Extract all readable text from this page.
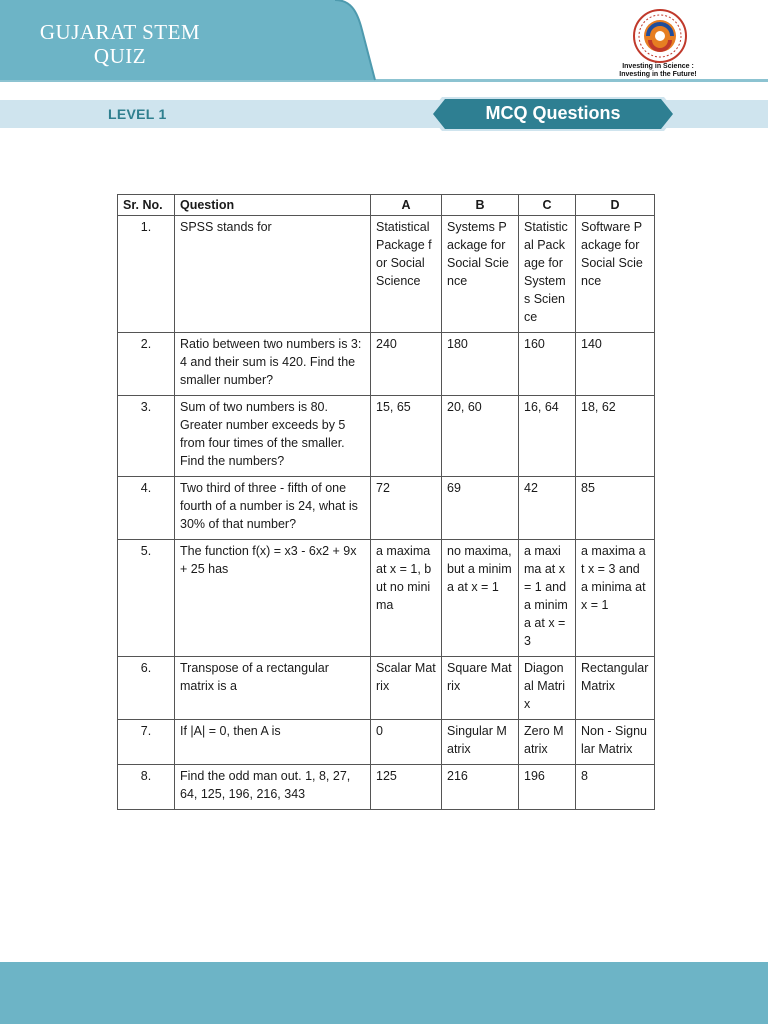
GUJARAT STEM QUIZ	Investing in Science :
Investing in the Future!
LEVEL 1	MCQ Questions
Sr. No.	Question	A	B	C	D
1.	SPSS stands for	Statistical Package for Social Science	Systems Package for Social Science	Statistical Package for Systems Science	Software Package for Social Science
2.	Ratio between two numbers is 3: 4 and their sum is 420. Find the smaller number?	240	180	160	140
3.	Sum of two numbers is 80. Greater number exceeds by 5 from four times of the smaller. Find the numbers?	15, 65	20, 60	16, 64	18, 62
4.	Two third of three - fifth of one fourth of a number is 24, what is 30% of that number?	72	69	42	85
5.	The function f(x) = x3 - 6x2 + 9x + 25 has	a maxima at x = 1, but no minima	no maxima, but a minima at x = 1	a maxima at x= 1 and a minima at x = 3	a maxima at x = 3 and a minima at x = 1
6.	Transpose of a rectangular matrix is a	Scalar Matrix	Square Matrix	Diagonal Matrix	Rectangular Matrix
7.	If |A| = 0, then A is	0	Singular Matrix	Zero Matrix	Non - Signular Matrix
8.	Find the odd man out. 1, 8, 27, 64, 125, 196, 216, 343	125	216	196	8
